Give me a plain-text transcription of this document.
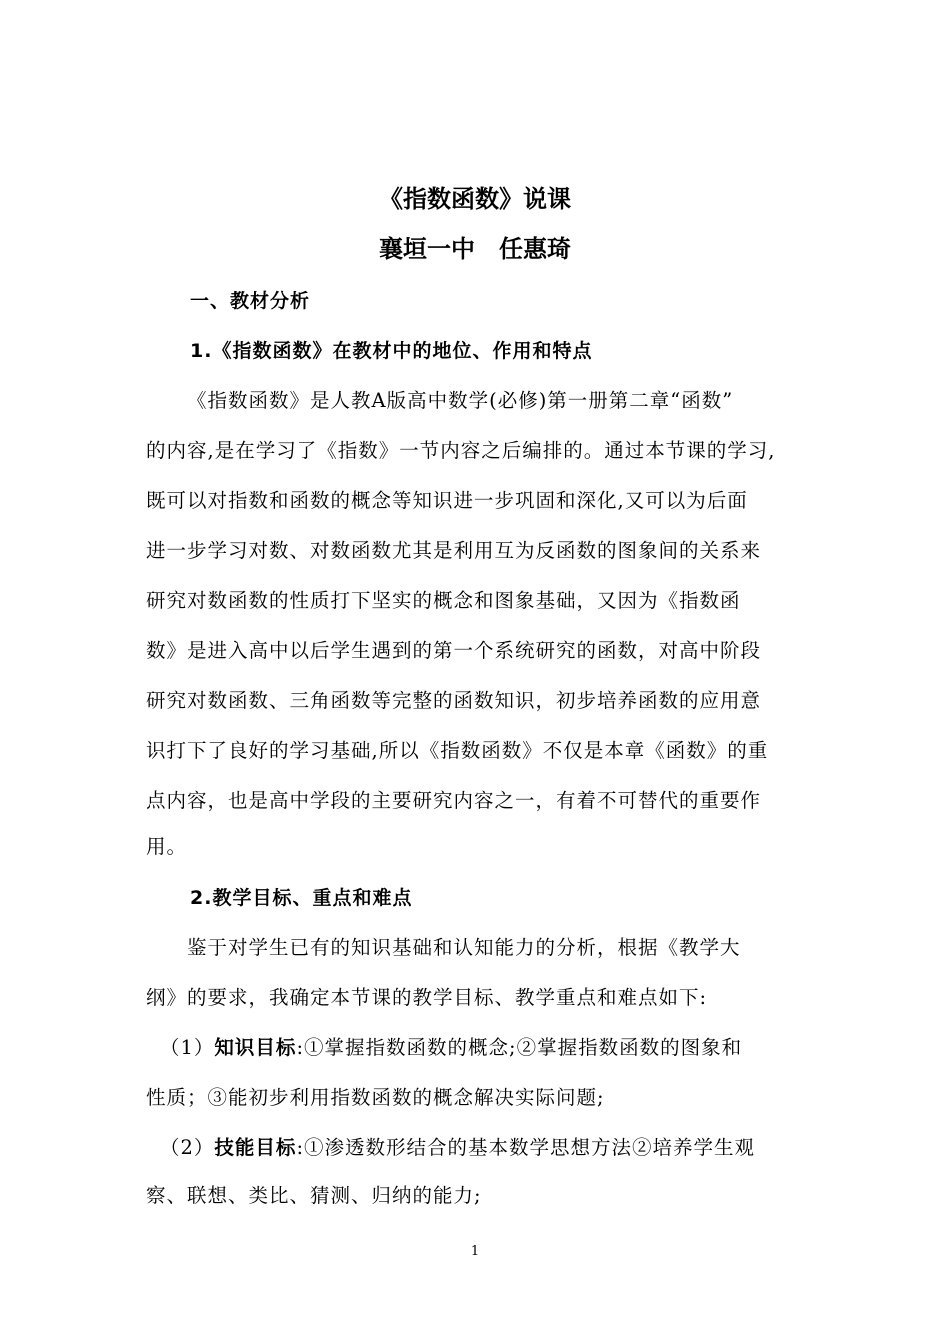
《指数函数》说课
襄垣一中　任惠琦
一、教材分析
1.《指数函数》在教材中的地位、作用和特点
《指数函数》是人教A版高中数学(必修)第一册第二章“函数”
的内容,是在学习了《指数》一节内容之后编排的。通过本节课的学习,
既可以对指数和函数的概念等知识进一步巩固和深化,又可以为后面
进一步学习对数、对数函数尤其是利用互为反函数的图象间的关系来
研究对数函数的性质打下坚实的概念和图象基础，又因为《指数函
数》是进入高中以后学生遇到的第一个系统研究的函数，对高中阶段
研究对数函数、三角函数等完整的函数知识，初步培养函数的应用意
识打下了良好的学习基础,所以《指数函数》不仅是本章《函数》的重
点内容，也是高中学段的主要研究内容之一，有着不可替代的重要作
用。
2.教学目标、重点和难点
鉴于对学生已有的知识基础和认知能力的分析，根据《教学大
纲》的要求，我确定本节课的教学目标、教学重点和难点如下:
（1）知识目标:①掌握指数函数的概念;②掌握指数函数的图象和
性质；③能初步利用指数函数的概念解决实际问题;
（2）技能目标:①渗透数形结合的基本数学思想方法②培养学生观
察、联想、类比、猜测、归纳的能力;
1
